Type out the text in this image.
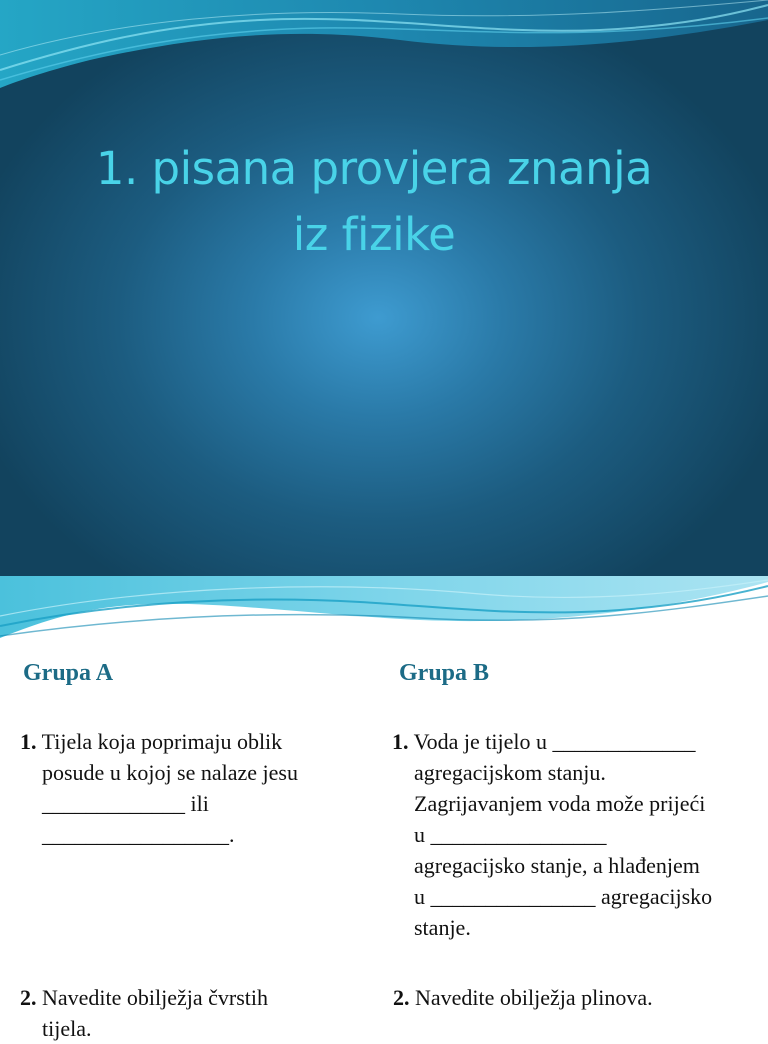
1. pisana provjera znanja
iz fizike
Grupa A	Grupa B
1. Tijela koja poprimaju oblik
posude u kojoj se nalaze jesu
_____________ ili
_________________.
2. Navedite obilježja čvrstih
tijela.
1. Voda je tijelo u _____________
agregacijskom stanju.
Zagrijavanjem voda može prijeći
u ________________
agregacijsko stanje, a hlađenjem
u _______________ agregacijsko
stanje.
2. Navedite obilježja plinova.
